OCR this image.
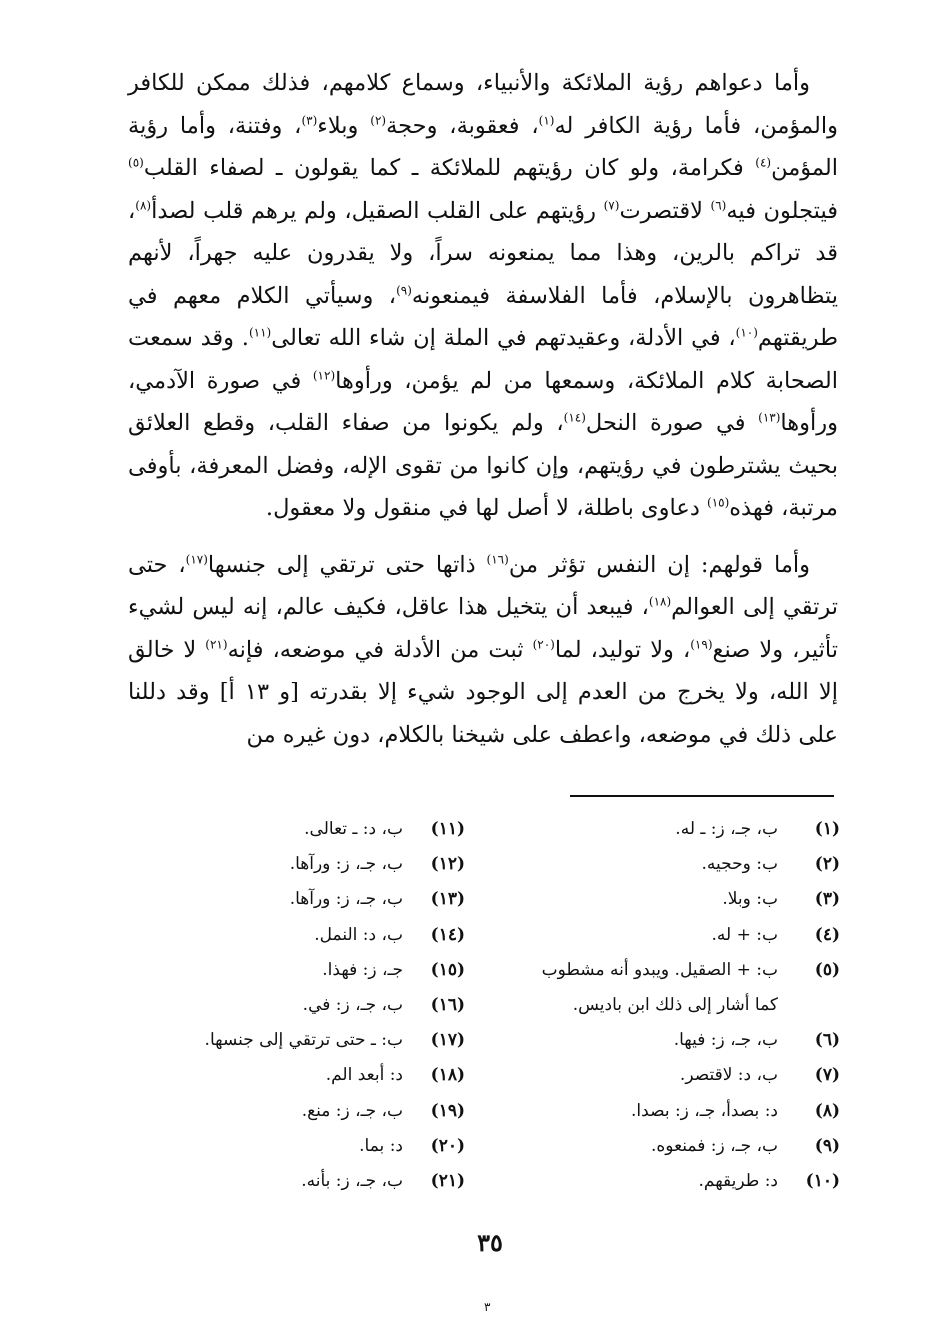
وأما دعواهم رؤية الملائكة والأنبياء، وسماع كلامهم، فذلك ممكن للكافر والمؤمن، فأما رؤية الكافر له$^{(١)}$، فعقوبة، وحجة$^{(٢)}$ وبلاء$^{(٣)}$، وفتنة، وأما رؤية المؤمن$^{(٤)}$ فكرامة، ولو كان رؤيتهم للملائكة ـ كما يقولون ـ لصفاء القلب$^{(٥)}$ فيتجلون فيه$^{(٦)}$ لاقتصرت$^{(٧)}$ رؤيتهم على القلب الصقيل، ولم يرهم قلب لصدأ$^{(٨)}$، قد تراكم بالرين، وهذا مما يمنعونه سراً، ولا يقدرون عليه جهراً، لأنهم يتظاهرون بالإسلام، فأما الفلاسفة فيمنعونه$^{(٩)}$، وسيأتي الكلام معهم في طريقتهم$^{(١٠)}$، في الأدلة، وعقيدتهم في الملة إن شاء الله تعالى$^{(١١)}$. وقد سمعت الصحابة كلام الملائكة، وسمعها من لم يؤمن، ورأوها$^{(١٢)}$ في صورة الآدمي، ورأوها$^{(١٣)}$ في صورة النحل$^{(١٤)}$، ولم يكونوا من صفاء القلب، وقطع العلائق بحيث يشترطون في رؤيتهم، وإن كانوا من تقوى الإله، وفضل المعرفة، بأوفى مرتبة، فهذه$^{(١٥)}$ دعاوى باطلة، لا أصل لها في منقول ولا معقول.

وأما قولهم: إن النفس تؤثر من$^{(١٦)}$ ذاتها حتى ترتقي إلى جنسها$^{(١٧)}$، حتى ترتقي إلى العوالم$^{(١٨)}$، فيبعد أن يتخيل هذا عاقل، فكيف عالم، إنه ليس لشيء تأثير، ولا صنع$^{(١٩)}$، ولا توليد، لما$^{(٢٠)}$ ثبت من الأدلة في موضعه، فإنه$^{(٢١)}$ لا خالق إلا الله، ولا يخرج من العدم إلى الوجود شيء إلا بقدرته [و ١٣ أ] وقد دللنا على ذلك في موضعه، واعطف على شيخنا بالكلام، دون غيره من

(١)
ب، جـ، ز: ـ له.
(٢)
ب: وحجيه.
(٣)
ب: وبلا.
(٤)
ب: + له.
(٥)
ب: + الصقيل. ويبدو أنه مشطوب
كما أشار إلى ذلك ابن باديس.
(٦)
ب، جـ، ز: فيها.
(٧)
ب، د: لاقتصر.
(٨)
د: بصدأ، جـ، ز: بصدا.
(٩)
ب، جـ، ز: فمنعوه.
(١٠)
د: طريقهم.
(١١)
ب، د: ـ تعالى.
(١٢)
ب، جـ، ز: ورآها.
(١٣)
ب، جـ، ز: ورآها.
(١٤)
ب، د: النمل.
(١٥)
جـ، ز: فهذا.
(١٦)
ب، جـ، ز: في.
(١٧)
ب: ـ حتى ترتقي إلى جنسها.
(١٨)
د: أبعد الم.
(١٩)
ب، جـ، ز: منع.
(٢٠)
د: بما.
(٢١)
ب، جـ، ز: بأنه.
٣٥
٣
